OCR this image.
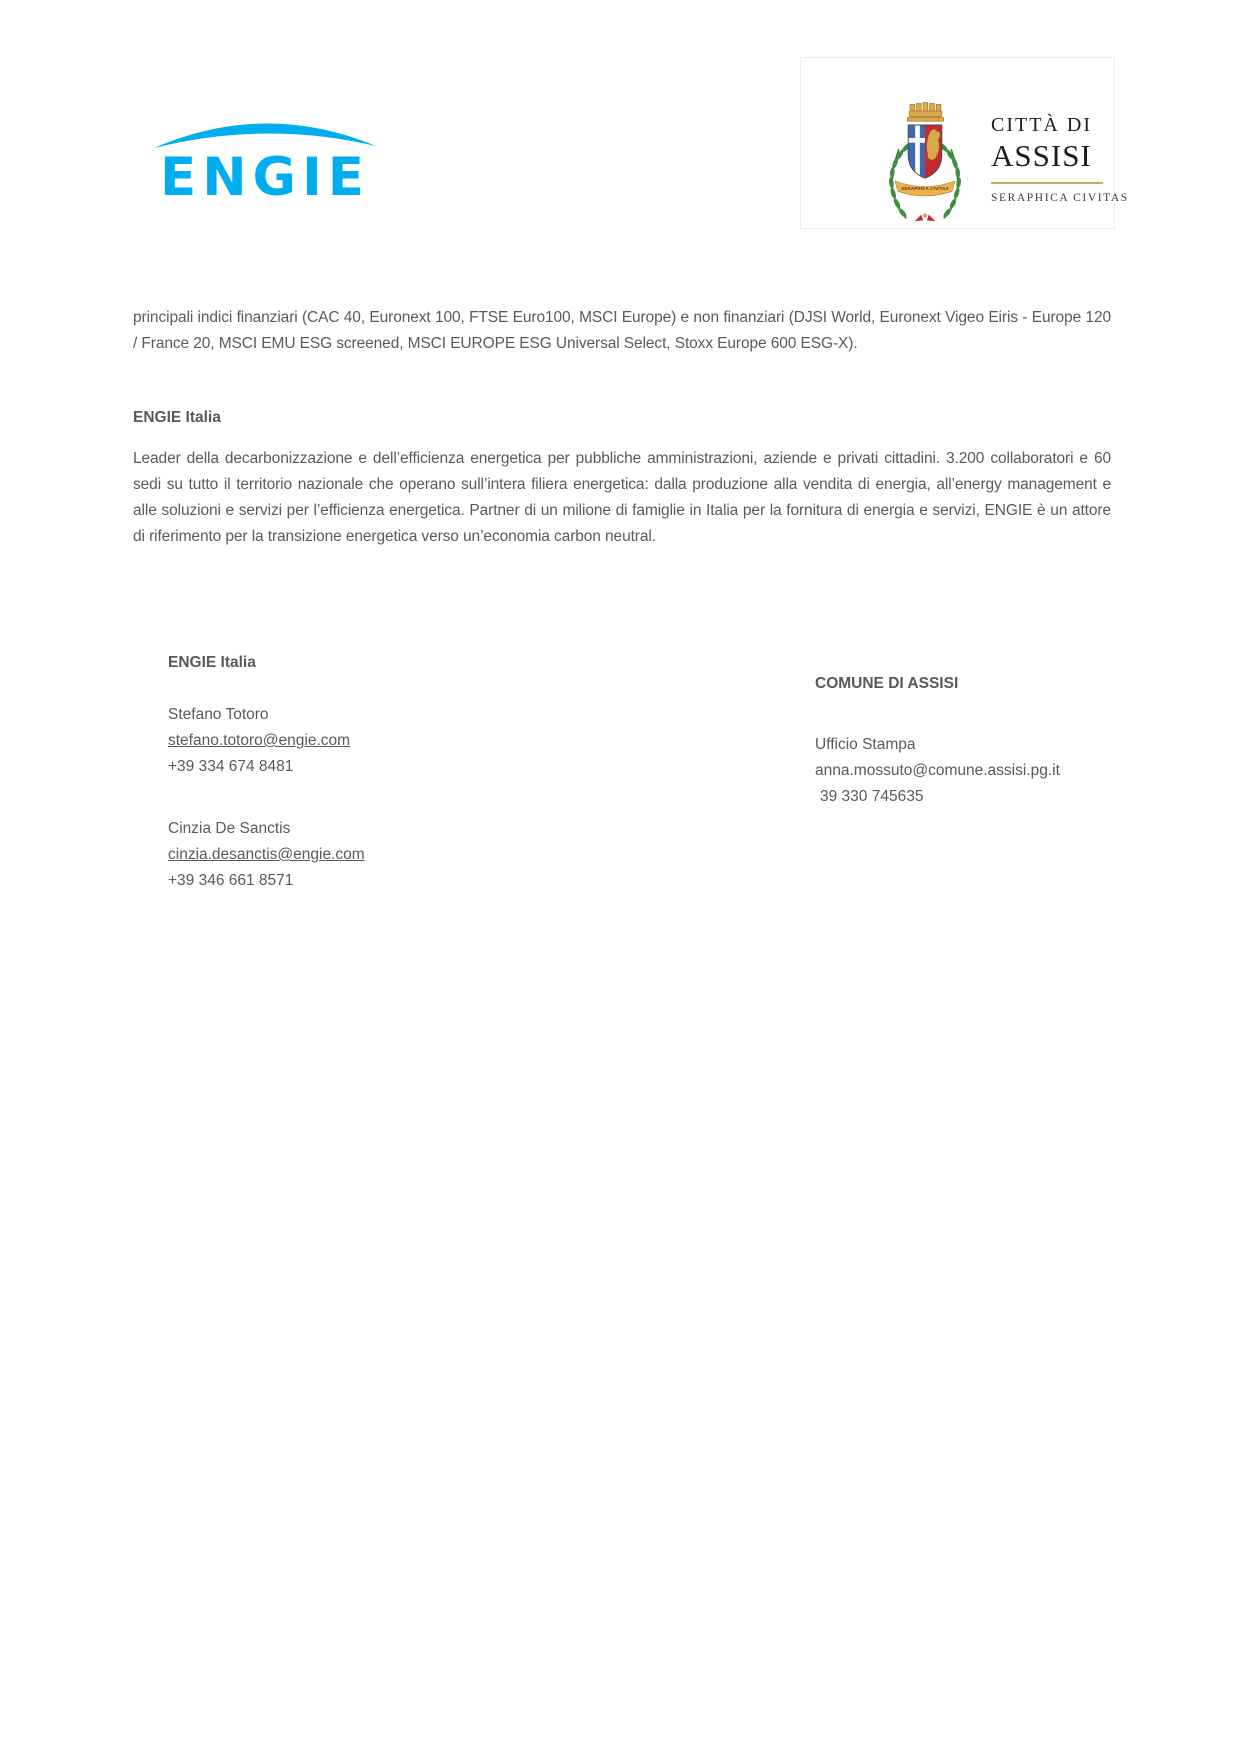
ENGIE	SERAPHICA CIVITAS
CITTÀ DI
ASSISI
SERAPHICA CIVITAS
principali indici finanziari (CAC 40, Euronext 100, FTSE Euro100, MSCI Europe) e non finanziari (DJSI World, Euronext Vigeo Eiris - Europe 120 / France 20, MSCI EMU ESG screened, MSCI EUROPE ESG Universal Select, Stoxx Europe 600 ESG-X).
ENGIE Italia
Leader della decarbonizzazione e dell’efficienza energetica per pubbliche amministrazioni, aziende e privati cittadini. 3.200 collaboratori e 60 sedi su tutto il territorio nazionale che operano sull’intera filiera energetica: dalla produzione alla vendita di energia, all’energy management e alle soluzioni e servizi per l’efficienza energetica. Partner di un milione di famiglie in Italia per la fornitura di energia e servizi, ENGIE è un attore di riferimento per la transizione energetica verso un’economia carbon neutral.
ENGIE Italia
Stefano Totoro
stefano.totoro@engie.com
+39 334 674 8481
Cinzia De Sanctis
cinzia.desanctis@engie.com
+39 346 661 8571
COMUNE DI ASSISI
Ufficio Stampa
anna.mossuto@comune.assisi.pg.it
39 330 745635
